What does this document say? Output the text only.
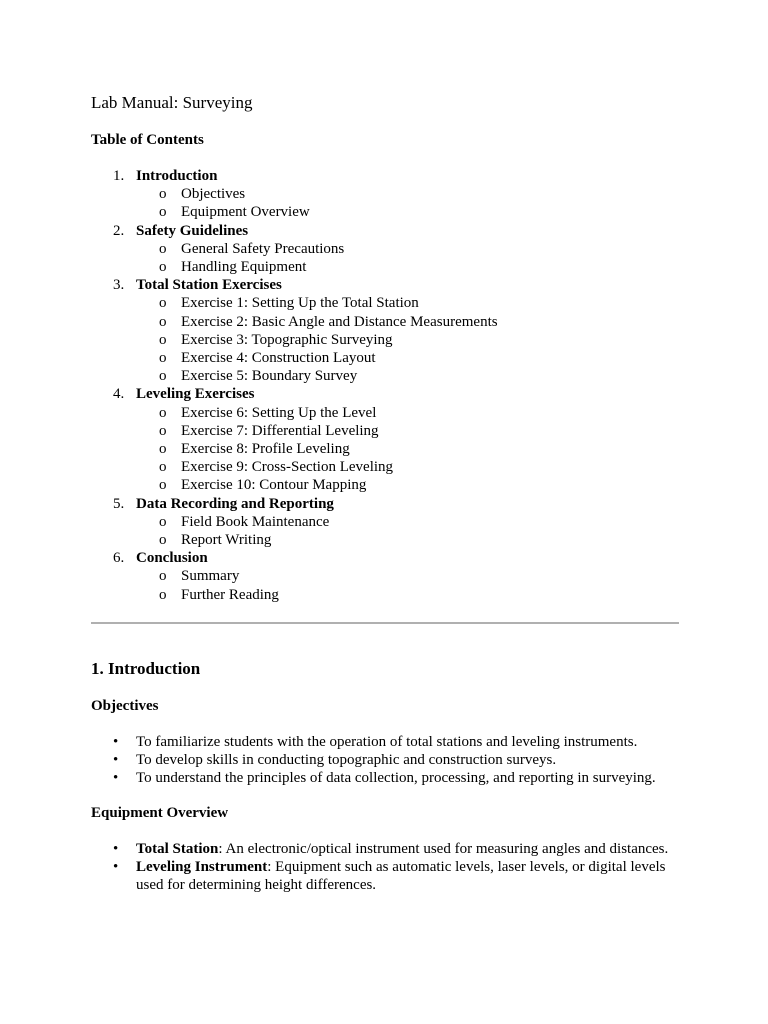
Lab Manual: Surveying
Table of Contents
1. Introduction
o Objectives
o Equipment Overview
2. Safety Guidelines
o General Safety Precautions
o Handling Equipment
3. Total Station Exercises
o Exercise 1: Setting Up the Total Station
o Exercise 2: Basic Angle and Distance Measurements
o Exercise 3: Topographic Surveying
o Exercise 4: Construction Layout
o Exercise 5: Boundary Survey
4. Leveling Exercises
o Exercise 6: Setting Up the Level
o Exercise 7: Differential Leveling
o Exercise 8: Profile Leveling
o Exercise 9: Cross-Section Leveling
o Exercise 10: Contour Mapping
5. Data Recording and Reporting
o Field Book Maintenance
o Report Writing
6. Conclusion
o Summary
o Further Reading
1. Introduction
Objectives
• To familiarize students with the operation of total stations and leveling instruments.
• To develop skills in conducting topographic and construction surveys.
• To understand the principles of data collection, processing, and reporting in surveying.
Equipment Overview
• Total Station: An electronic/optical instrument used for measuring angles and distances.
• Leveling Instrument: Equipment such as automatic levels, laser levels, or digital levels used for determining height differences.
